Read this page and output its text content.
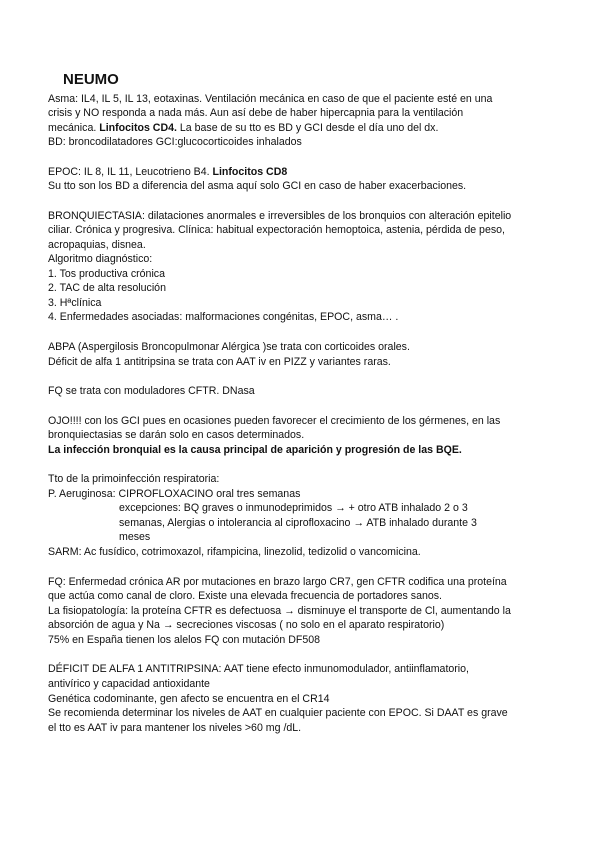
NEUMO
Asma: IL4, IL 5, IL 13, eotaxinas. Ventilación mecánica en caso de que el paciente esté en una
crisis y NO responda a nada más. Aun así debe de haber hipercapnia para la ventilación
mecánica. Linfocitos CD4. La base de su tto es BD y GCI desde el día uno del dx.
BD: broncodilatadores GCI:glucocorticoides inhalados
EPOC: IL 8, IL 11, Leucotrieno B4. Linfocitos CD8
Su tto son los BD a diferencia del asma aquí solo GCI en caso de haber exacerbaciones.
BRONQUIECTASIA: dilataciones anormales e irreversibles de los bronquios con alteración epitelio
ciliar. Crónica y progresiva. Clínica: habitual expectoración hemoptoica, astenia, pérdida de peso,
acropaquias, disnea.
Algoritmo diagnóstico:
1. Tos productiva crónica
2. TAC de alta resolución
3. Hªclínica
4. Enfermedades asociadas: malformaciones congénitas, EPOC, asma… .
ABPA (Aspergilosis Broncopulmonar Alérgica )se trata con corticoides orales.
Déficit de alfa 1 antitripsina se trata con AAT iv en PIZZ y variantes raras.
FQ se trata con moduladores CFTR. DNasa
OJO!!!! con los GCI pues en ocasiones pueden favorecer el crecimiento de los gérmenes, en las
bronquiectasias se darán solo en casos determinados.
La infección bronquial es la causa principal de aparición y progresión de las BQE.
Tto de la primoinfección respiratoria:
P. Aeruginosa: CIPROFLOXACINO oral tres semanas
excepciones: BQ graves o inmunodeprimidos → + otro ATB inhalado 2 o 3
semanas, Alergias o intolerancia al ciprofloxacino → ATB inhalado durante 3
meses
SARM: Ac fusídico, cotrimoxazol, rifampicina, linezolid, tedizolid o vancomicina.
FQ: Enfermedad crónica AR por mutaciones en brazo largo CR7, gen CFTR codifica una proteína
que actúa como canal de cloro. Existe una elevada frecuencia de portadores sanos.
La fisiopatología: la proteína CFTR es defectuosa → disminuye el transporte de Cl, aumentando la
absorción de agua y Na → secreciones viscosas ( no solo en el aparato respiratorio)
75% en España tienen los alelos FQ con mutación DF508
DÉFICIT DE ALFA 1 ANTITRIPSINA: AAT tiene efecto inmunomodulador, antiinflamatorio,
antivírico y capacidad antioxidante
Genética codominante, gen afecto se encuentra en el CR14
Se recomienda determinar los niveles de AAT en cualquier paciente con EPOC. Si DAAT es grave
el tto es AAT iv para mantener los niveles >60 mg /dL.
